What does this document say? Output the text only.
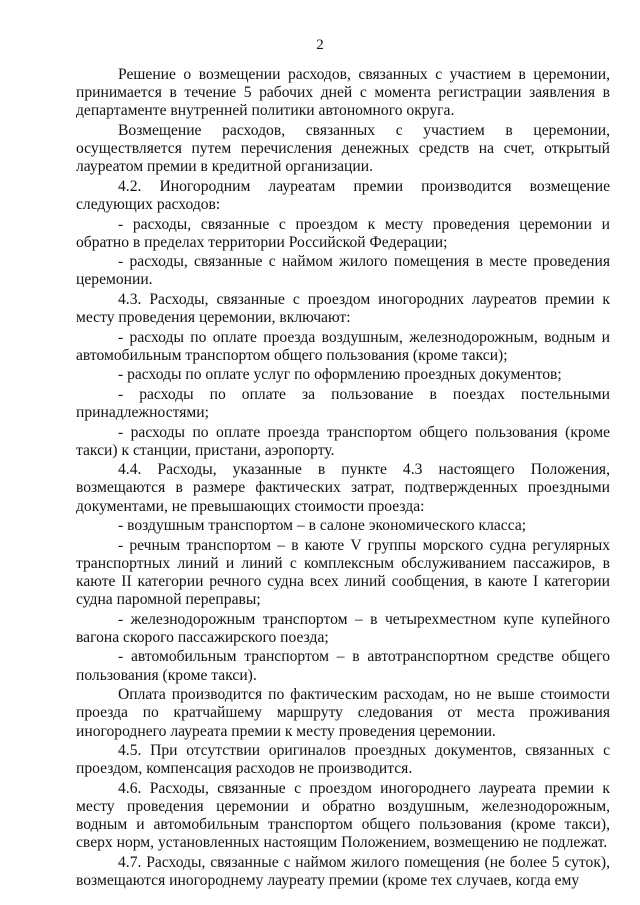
2

Решение о возмещении расходов, связанных с участием в церемонии, принимается в течение 5 рабочих дней с момента регистрации заявления в департаменте внутренней политики автономного округа.

Возмещение расходов, связанных с участием в церемонии, осуществляется путем перечисления денежных средств на счет, открытый лауреатом премии в кредитной организации.

4.2. Иногородним лауреатам премии производится возмещение следующих расходов:

- расходы, связанные с проездом к месту проведения церемонии и обратно в пределах территории Российской Федерации;

- расходы, связанные с наймом жилого помещения в месте проведения церемонии.

4.3. Расходы, связанные с проездом иногородних лауреатов премии к месту проведения церемонии, включают:

- расходы по оплате проезда воздушным, железнодорожным, водным и автомобильным транспортом общего пользования (кроме такси);

- расходы по оплате услуг по оформлению проездных документов;

- расходы по оплате за пользование в поездах постельными принадлежностями;

- расходы по оплате проезда транспортом общего пользования (кроме такси) к станции, пристани, аэропорту.

4.4. Расходы, указанные в пункте 4.3 настоящего Положения, возмещаются в размере фактических затрат, подтвержденных проездными документами, не превышающих стоимости проезда:

- воздушным транспортом – в салоне экономического класса;

- речным транспортом – в каюте V группы морского судна регулярных транспортных линий и линий с комплексным обслуживанием пассажиров, в каюте II категории речного судна всех линий сообщения, в каюте I категории судна паромной переправы;

- железнодорожным транспортом – в четырехместном купе купейного вагона скорого пассажирского поезда;

- автомобильным транспортом – в автотранспортном средстве общего пользования (кроме такси).

Оплата производится по фактическим расходам, но не выше стоимости проезда по кратчайшему маршруту следования от места проживания иногороднего лауреата премии к месту проведения церемонии.

4.5. При отсутствии оригиналов проездных документов, связанных с проездом, компенсация расходов не производится.

4.6. Расходы, связанные с проездом иногороднего лауреата премии к месту проведения церемонии и обратно воздушным, железнодорожным, водным и автомобильным транспортом общего пользования (кроме такси), сверх норм, установленных настоящим Положением, возмещению не подлежат.

4.7. Расходы, связанные с наймом жилого помещения (не более 5 суток), возмещаются иногороднему лауреату премии (кроме тех случаев, когда ему
